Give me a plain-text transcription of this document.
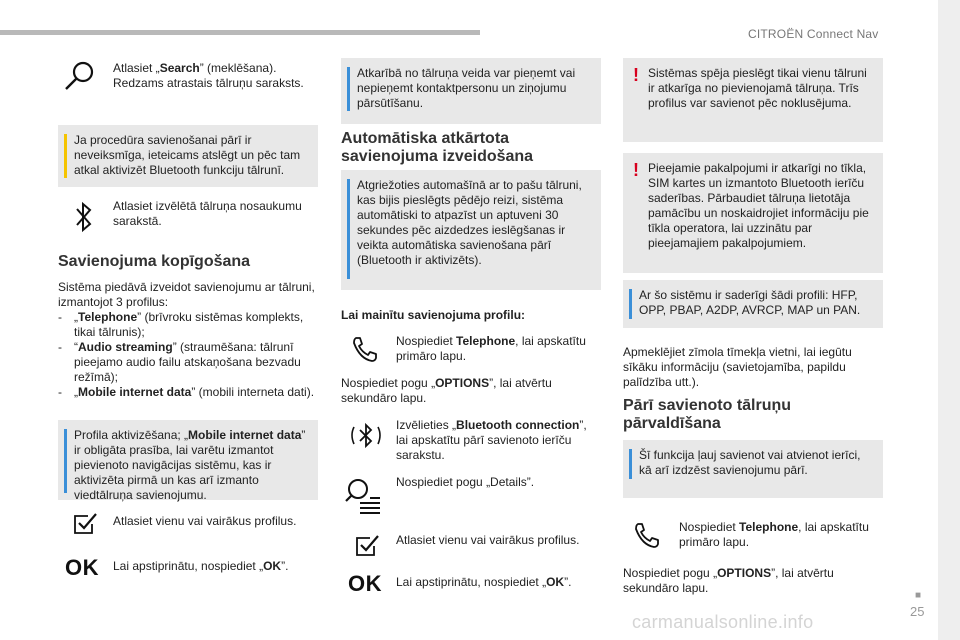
CITROËN Connect Nav
■
25
carmanualsonline.info
Atlasiet „Search” (meklēšana). Redzams atrastais tālruņu saraksts.
Ja procedūra savienošanai pārī ir neveiksmīga, ieteicams atslēgt un pēc tam atkal aktivizēt Bluetooth funkciju tālrunī.
Atlasiet izvēlētā tālruņa nosaukumu sarakstā.
Savienojuma kopīgošana
Sistēma piedāvā izveidot savienojumu ar tālruni, izmantojot 3 profilus:
- „Telephone” (brīvroku sistēmas komplekts, tikai tālrunis);
- “Audio streaming” (straumēšana: tālrunī pieejamo audio failu atskaņošana bezvadu režīmā);
- „Mobile internet data” (mobili interneta dati).
Profila aktivizēšana; „Mobile internet data” ir obligāta prasība, lai varētu izmantot pievienoto navigācijas sistēmu, kas ir aktivizēta pirmā un kas arī izmanto viedtālruņa savienojumu.
Atlasiet vienu vai vairākus profilus.
OK Lai apstiprinātu, nospiediet „OK”.
Atkarībā no tālruņa veida var pieņemt vai nepieņemt kontaktpersonu un ziņojumu pārsūtīšanu.
Automātiska atkārtota savienojuma izveidošana
Atgriežoties automašīnā ar to pašu tālruni, kas bijis pieslēgts pēdējo reizi, sistēma automātiski to atpazīst un aptuveni 30 sekundes pēc aizdedzes ieslēgšanas ir veikta automātiska savienošana pārī (Bluetooth ir aktivizēts).
Lai mainītu savienojuma profilu:
Nospiediet Telephone, lai apskatītu primāro lapu.
Nospiediet pogu „OPTIONS”, lai atvērtu sekundāro lapu.
Izvēlieties „Bluetooth connection”, lai apskatītu pārī savienoto ierīču sarakstu.
Nospiediet pogu „Details”.
Atlasiet vienu vai vairākus profilus.
OK Lai apstiprinātu, nospiediet „OK”.
! Sistēmas spēja pieslēgt tikai vienu tālruni ir atkarīga no pievienojamā tālruņa. Trīs profilus var savienot pēc noklusējuma.
! Pieejamie pakalpojumi ir atkarīgi no tīkla, SIM kartes un izmantoto Bluetooth ierīču saderības. Pārbaudiet tālruņa lietotāja pamācību un noskaidrojiet informāciju pie tīkla operatora, lai uzzinātu par pieejamajiem pakalpojumiem.
Ar šo sistēmu ir saderīgi šādi profili: HFP, OPP, PBAP, A2DP, AVRCP, MAP un PAN.
Apmeklējiet zīmola tīmekļa vietni, lai iegūtu sīkāku informāciju (savietojamība, papildu palīdzība utt.).
Pārī savienoto tālruņu pārvaldīšana
Šī funkcija ļauj savienot vai atvienot ierīci, kā arī izdzēst savienojumu pārī.
Nospiediet Telephone, lai apskatītu primāro lapu.
Nospiediet pogu „OPTIONS”, lai atvērtu sekundāro lapu.
